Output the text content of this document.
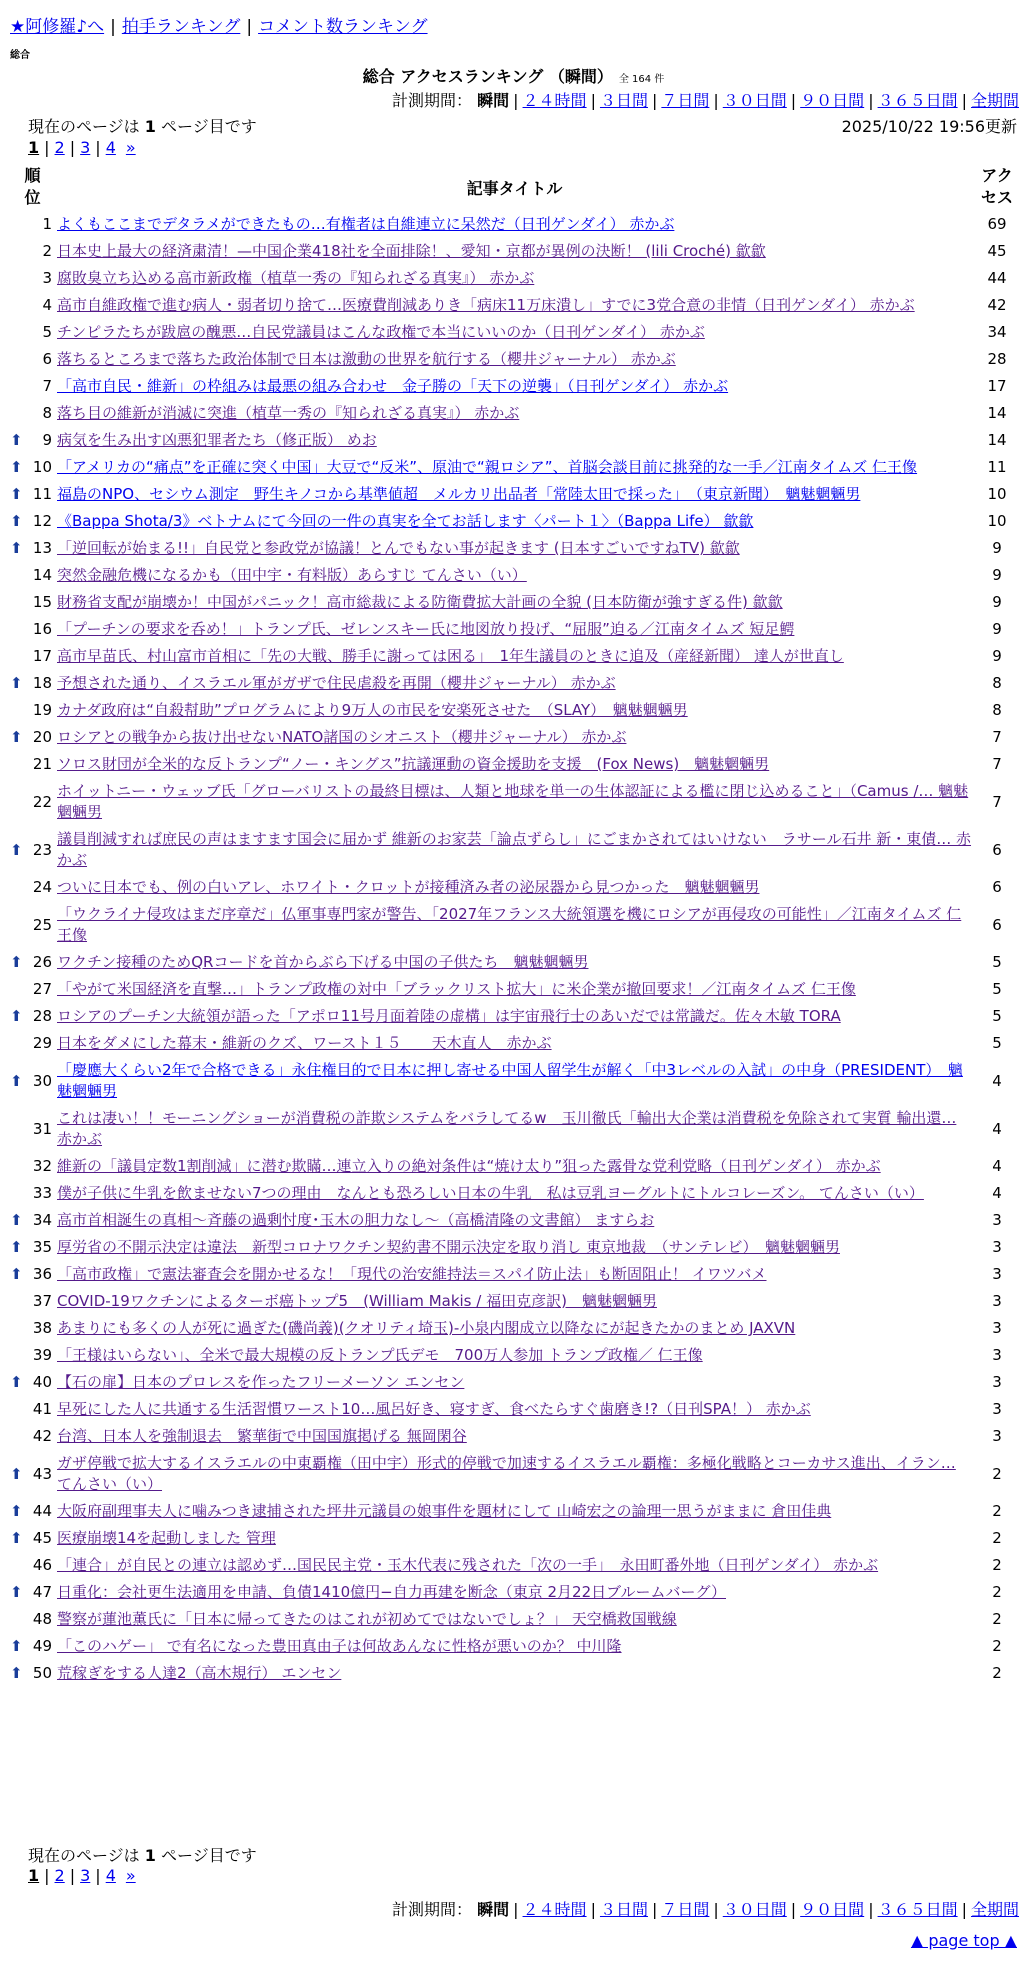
★阿修羅♪へ | 拍手ランキング | コメント数ランキング
総合
総合 アクセスランキング （瞬間） 全 164 件
計測期間： 瞬間 | ２４時間 | ３日間 | ７日間 | ３０日間 | ９０日間 | ３６５日間 | 全期間
現在のページは 1 ページ目です	2025/10/22 19:56更新
1 | 2 | 3 | 4 »
順位		記事タイトル	アクセス
	1	よくもここまでデタラメができたもの…有権者は自維連立に呆然だ（日刊ゲンダイ） 赤かぶ	69
	2	日本史上最大の経済粛清！—中国企業418社を全面排除！、愛知・京都が異例の決断！ (lili Croché) 歙歙	45
	3	腐敗臭立ち込める高市新政権（植草一秀の『知られざる真実』） 赤かぶ	44
	4	高市自維政権で進む病人・弱者切り捨て…医療費削減ありき「病床11万床潰し」すでに3党合意の非情（日刊ゲンダイ） 赤かぶ	42
	5	チンピラたちが跋扈の醜悪…自民党議員はこんな政権で本当にいいのか（日刊ゲンダイ） 赤かぶ	34
	6	落ちるところまで落ちた政治体制で日本は激動の世界を航行する（櫻井ジャーナル） 赤かぶ	28
	7	「高市自民・維新」の枠組みは最悪の組み合わせ　金子勝の「天下の逆襲」（日刊ゲンダイ） 赤かぶ	17
	8	落ち目の維新が消滅に突進（植草一秀の『知られざる真実』） 赤かぶ	14
⬆	9	病気を生み出す凶悪犯罪者たち（修正版） めお	14
⬆	10	「アメリカの“痛点”を正確に突く中国」大豆で“反米”、原油で“親ロシア”、首脳会談目前に挑発的な一手／江南タイムズ 仁王像	11
⬆	11	福島のNPO、セシウム測定　野生キノコから基準値超　メルカリ出品者「常陸太田で採った」　（東京新聞）　魑魅魍魎男	10
⬆	12	《Bappa Shota/3》ベトナムにて今回の一件の真実を全てお話します〈パート１〉（Bappa Life） 歙歙	10
⬆	13	「逆回転が始まる!!」自民党と参政党が協議！とんでもない事が起きます (日本すごいですねTV) 歙歙	9
	14	突然金融危機になるかも（田中宇・有料版）あらすじ てんさい（い）	9
	15	財務省支配が崩壊か！中国がパニック！高市総裁による防衛費拡大計画の全貌 (日本防衛が強すぎる件) 歙歙	9
	16	「プーチンの要求を呑め！」トランプ氏、ゼレンスキー氏に地図放り投げ、“屈服”迫る／江南タイムズ 短足鰐	9
	17	高市早苗氏、村山富市首相に「先の大戦、勝手に謝っては困る」　1年生議員のときに追及（産経新聞） 達人が世直し	9
⬆	18	予想された通り、イスラエル軍がガザで住民虐殺を再開（櫻井ジャーナル） 赤かぶ	8
	19	カナダ政府は“自殺幇助”プログラムにより9万人の市民を安楽死させた　（SLAY）　魑魅魍魎男	8
⬆	20	ロシアとの戦争から抜け出せないNATO諸国のシオニスト（櫻井ジャーナル） 赤かぶ	7
	21	ソロス財団が全米的な反トランプ“ノー・キングス”抗議運動の資金援助を支援　(Fox News)　魑魅魍魎男	7
	22	ホイットニー・ウェッブ氏「グローバリストの最終目標は、人類と地球を単一の生体認証による檻に閉じ込めること」（Camus /… 魑魅魍魎男	7
⬆	23	議員削減すれば庶民の声はますます国会に届かず 維新のお家芸「論点ずらし」にごまかされてはいけない　ラサール石井 新・東債… 赤かぶ	6
	24	ついに日本でも、例の白いアレ、ホワイト・クロットが接種済み者の泌尿器から見つかった　魑魅魍魎男	6
	25	「ウクライナ侵攻はまだ序章だ」仏軍事専門家が警告、「2027年フランス大統領選を機にロシアが再侵攻の可能性」／江南タイムズ 仁王像	6
⬆	26	ワクチン接種のためQRコードを首からぶら下げる中国の子供たち　魑魅魍魎男	5
	27	「やがて米国経済を直撃…」トランプ政権の対中「ブラックリスト拡大」に米企業が撤回要求！／江南タイムズ 仁王像	5
⬆	28	ロシアのプーチン大統領が語った「アポロ11号月面着陸の虚構」は宇宙飛行士のあいだでは常識だ。佐々木敏 TORA	5
	29	日本をダメにした幕末・維新のクズ、ワースト１５　　天木直人　赤かぶ	5
⬆	30	「慶應大くらい2年で合格できる」永住権目的で日本に押し寄せる中国人留学生が解く「中3レベルの入試」の中身（PRESIDENT）　魑魅魍魎男	4
	31	これは凄い！！モーニングショーが消費税の詐欺システムをバラしてるw　玉川徹氏「輸出大企業は消費税を免除されて実質 輸出還… 赤かぶ	4
	32	維新の「議員定数1割削減」に潜む欺瞞…連立入りの絶対条件は“焼け太り”狙った露骨な党利党略（日刊ゲンダイ） 赤かぶ	4
	33	僕が子供に牛乳を飲ませない7つの理由　なんとも恐ろしい日本の牛乳　私は豆乳ヨーグルトにトルコレーズン。 てんさい（い）	4
⬆	34	高市首相誕生の真相〜斉藤の過剰忖度･玉木の胆力なし〜（高橋清隆の文書館） ますらお	3
⬆	35	厚労省の不開示決定は違法　新型コロナワクチン契約書不開示決定を取り消し 東京地裁　（サンテレビ）　魑魅魍魎男	3
⬆	36	「高市政権」で憲法審査会を開かせるな！「現代の治安維持法＝スパイ防止法」も断固阻止！ イワツバメ	3
	37	COVID-19ワクチンによるターボ癌トップ5　(William Makis / 福田克彦訳)　魑魅魍魎男	3
	38	あまりにも多くの人が死に過ぎた(磯尚義)(クオリティ埼玉)-小泉内閣成立以降なにが起きたかのまとめ JAXVN	3
	39	「王様はいらない」、全米で最大規模の反トランプ氏デモ　700万人参加 トランプ政権／ 仁王像	3
⬆	40	【石の扉】日本のプロレスを作ったフリーメーソン エンセン	3
	41	早死にした人に共通する生活習慣ワースト10…風呂好き、寝すぎ、食べたらすぐ歯磨き!?（日刊SPA！） 赤かぶ	3
	42	台湾、日本人を強制退去　繁華街で中国国旗掲げる 無岡閑谷	3
⬆	43	ガザ停戦で拡大するイスラエルの中東覇権（田中宇）形式的停戦で加速するイスラエル覇権：多極化戦略とコーカサス進出、イラン… てんさい（い）	2
⬆	44	大阪府副理事夫人に噛みつき逮捕された坪井元議員の娘事件を題材にして 山崎宏之の論理一思うがままに 倉田佳典	2
⬆	45	医療崩壊14を起動しました 管理	2
	46	「連合」が自民との連立は認めず…国民民主党・玉木代表に残された「次の一手」　永田町番外地（日刊ゲンダイ） 赤かぶ	2
⬆	47	日重化：会社更生法適用を申請、負債1410億円−自力再建を断念（東京 2月22日ブルームバーグ）	2
	48	警察が蓮池薫氏に「日本に帰ってきたのはこれが初めてではないでしょ？」 天空橋救国戦線	2
⬆	49	「このハゲー」 で有名になった豊田真由子は何故あんなに性格が悪いのか？ 中川隆	2
⬆	50	荒稼ぎをする人達2（高木規行） エンセン	2
現在のページは 1 ページ目です
1 | 2 | 3 | 4 »
計測期間： 瞬間 | ２４時間 | ３日間 | ７日間 | ３０日間 | ９０日間 | ３６５日間 | 全期間
▲ page top ▲
